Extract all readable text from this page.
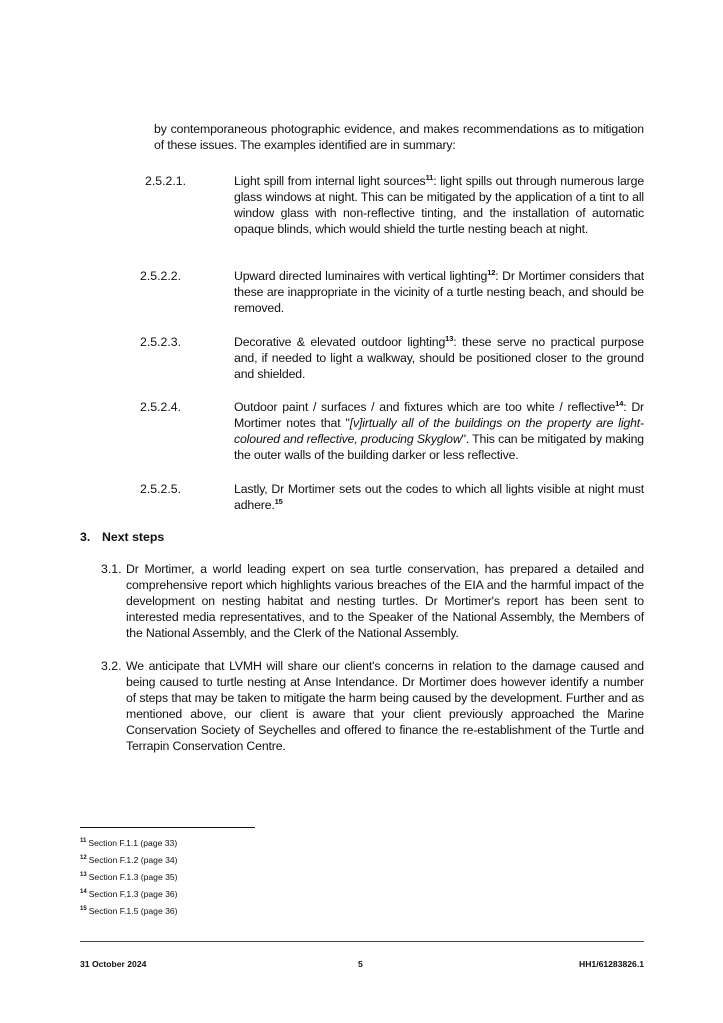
by contemporaneous photographic evidence, and makes recommendations as to mitigation of these issues. The examples identified are in summary:

2.5.2.1.	Light spill from internal light sources$^{11}$: light spills out through numerous large glass windows at night. This can be mitigated by the application of a tint to all window glass with non-reflective tinting, and the installation of automatic opaque blinds, which would shield the turtle nesting beach at night.

2.5.2.2.	Upward directed luminaires with vertical lighting$^{12}$: Dr Mortimer considers that these are inappropriate in the vicinity of a turtle nesting beach, and should be removed.

2.5.2.3.	Decorative & elevated outdoor lighting$^{13}$: these serve no practical purpose and, if needed to light a walkway, should be positioned closer to the ground and shielded.

2.5.2.4.	Outdoor paint / surfaces / and fixtures which are too white / reflective$^{14}$: Dr Mortimer notes that "[v]irtually all of the buildings on the property are light-coloured and reflective, producing Skyglow". This can be mitigated by making the outer walls of the building darker or less reflective.

2.5.2.5.	Lastly, Dr Mortimer sets out the codes to which all lights visible at night must adhere.$^{15}$

3. Next steps
3.1. Dr Mortimer, a world leading expert on sea turtle conservation, has prepared a detailed and comprehensive report which highlights various breaches of the EIA and the harmful impact of the development on nesting habitat and nesting turtles. Dr Mortimer's report has been sent to interested media representatives, and to the Speaker of the National Assembly, the Members of the National Assembly, and the Clerk of the National Assembly.

3.2. We anticipate that LVMH will share our client's concerns in relation to the damage caused and being caused to turtle nesting at Anse Intendance. Dr Mortimer does however identify a number of steps that may be taken to mitigate the harm being caused by the development. Further and as mentioned above, our client is aware that your client previously approached the Marine Conservation Society of Seychelles and offered to finance the re-establishment of the Turtle and Terrapin Conservation Centre.

$^{11}$ Section F.1.1 (page 33)
$^{12}$ Section F.1.2 (page 34)
$^{13}$ Section F.1.3 (page 35)
$^{14}$ Section F.1.3 (page 36)
$^{15}$ Section F.1.5 (page 36)
31 October 2024	5	HH1/61283826.1
